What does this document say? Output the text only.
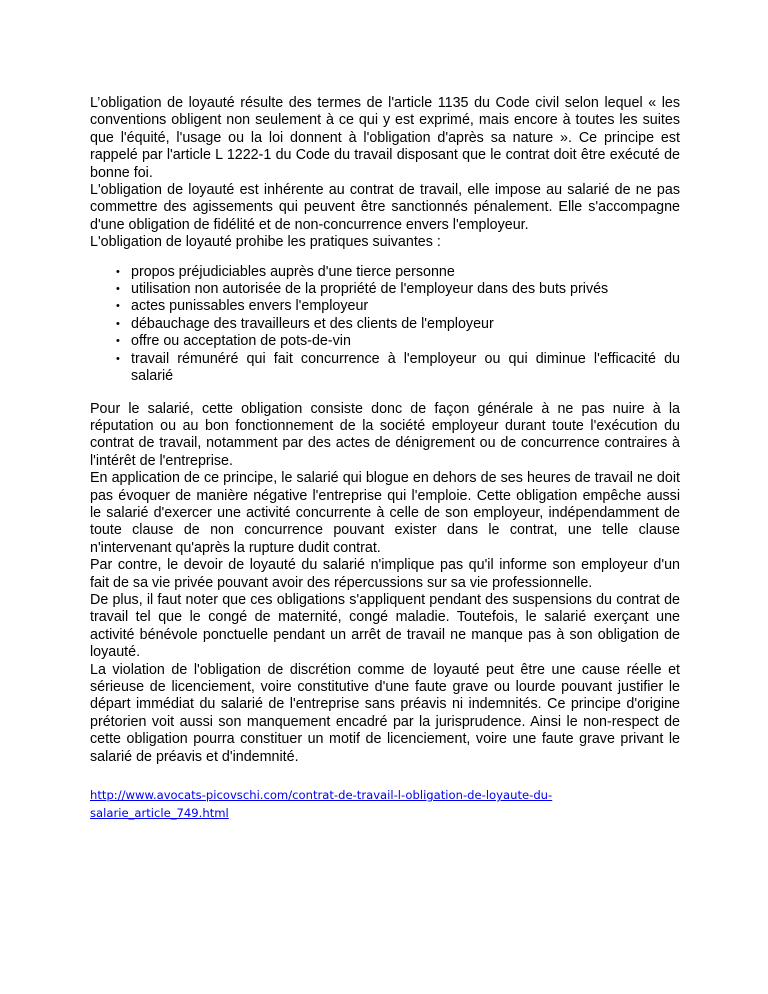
L’obligation de loyauté résulte des termes de l'article 1135 du Code civil selon lequel « les conventions obligent non seulement à ce qui y est exprimé, mais encore à toutes les suites que l'équité, l'usage ou la loi donnent à l'obligation d'après sa nature ». Ce principe est rappelé par l'article L 1222-1 du Code du travail disposant que le contrat doit être exécuté de bonne foi.

L'obligation de loyauté est inhérente au contrat de travail, elle impose au salarié de ne pas commettre des agissements qui peuvent être sanctionnés pénalement. Elle s'accompagne d'une obligation de fidélité et de non-concurrence envers l'employeur.

L'obligation de loyauté prohibe les pratiques suivantes :

• propos préjudiciables auprès d'une tierce personne
• utilisation non autorisée de la propriété de l'employeur dans des buts privés
• actes punissables envers l'employeur
• débauchage des travailleurs et des clients de l'employeur
• offre ou acceptation de pots-de-vin
• travail rémunéré qui fait concurrence à l'employeur ou qui diminue l'efficacité du salarié

Pour le salarié, cette obligation consiste donc de façon générale à ne pas nuire à la réputation ou au bon fonctionnement de la société employeur durant toute l'exécution du contrat de travail, notamment par des actes de dénigrement ou de concurrence contraires à l'intérêt de l'entreprise.

En application de ce principe, le salarié qui blogue en dehors de ses heures de travail ne doit pas évoquer de manière négative l'entreprise qui l'emploie. Cette obligation empêche aussi le salarié d'exercer une activité concurrente à celle de son employeur, indépendamment de toute clause de non concurrence pouvant exister dans le contrat, une telle clause n'intervenant qu'après la rupture dudit contrat.

Par contre, le devoir de loyauté du salarié n'implique pas qu'il informe son employeur d'un fait de sa vie privée pouvant avoir des répercussions sur sa vie professionnelle.

De plus, il faut noter que ces obligations s'appliquent pendant des suspensions du contrat de travail tel que le congé de maternité, congé maladie. Toutefois, le salarié exerçant une activité bénévole ponctuelle pendant un arrêt de travail ne manque pas à son obligation de loyauté.

La violation de l'obligation de discrétion comme de loyauté peut être une cause réelle et sérieuse de licenciement, voire constitutive d'une faute grave ou lourde pouvant justifier le départ immédiat du salarié de l'entreprise sans préavis ni indemnités. Ce principe d'origine prétorien voit aussi son manquement encadré par la jurisprudence. Ainsi le non-respect de cette obligation pourra constituer un motif de licenciement, voire une faute grave privant le salarié de préavis et d'indemnité.

http://www.avocats-picovschi.com/contrat-de-travail-l-obligation-de-loyaute-du-
salarie_article_749.html
